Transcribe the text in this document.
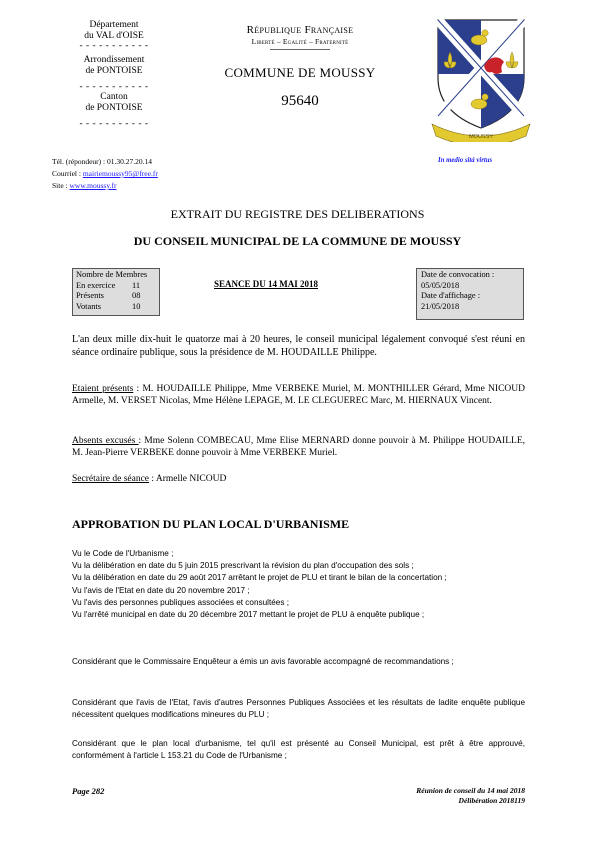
Département
du VAL d'OISE
- - - - - - - - - - -
Arrondissement
de PONTOISE
- - - - - - - - - - -
Canton
de PONTOISE
- - - - - - - - - - -
République Française
Liberté – Egalité – Fraternité
COMMUNE DE MOUSSY
95640
MOUSSY
Tél. (répondeur) : 01.30.27.20.14
Courriel : mairiemoussy95@free.fr
Site : www.moussy.fr
In medio sitá virtus
EXTRAIT DU REGISTRE DES DELIBERATIONS
DU CONSEIL MUNICIPAL DE LA COMMUNE DE MOUSSY
Nombre de Membres
En exercice	11
Présents	08
Votants	10
SEANCE DU 14 MAI 2018
Date de convocation :
05/05/2018
Date d'affichage :
21/05/2018
L'an deux mille dix-huit le quatorze mai à 20 heures, le conseil municipal légalement convoqué s'est réuni en séance ordinaire publique, sous la présidence de M. HOUDAILLE Philippe.
Etaient présents : M. HOUDAILLE Philippe, Mme VERBEKE Muriel, M. MONTHILLER Gérard, Mme NICOUD Armelle, M. VERSET Nicolas, Mme Hélène LEPAGE, M. LE CLEGUEREC Marc, M. HIERNAUX Vincent.
Absents excusés : Mme Solenn COMBECAU, Mme Elise MERNARD donne pouvoir à M. Philippe HOUDAILLE, M. Jean-Pierre VERBEKE donne pouvoir à Mme VERBEKE Muriel.
Secrétaire de séance : Armelle NICOUD
APPROBATION DU PLAN LOCAL D'URBANISME
Vu le Code de l'Urbanisme ;
Vu la délibération en date du 5 juin 2015 prescrivant la révision du plan d'occupation des sols ;
Vu la délibération en date du 29 août 2017 arrêtant le projet de PLU et tirant le bilan de la concertation ;
Vu l'avis de l'Etat en date du 20 novembre 2017 ;
Vu l'avis des personnes publiques associées et consultées ;
Vu l'arrêté municipal en date du 20 décembre 2017 mettant le projet de PLU à enquête publique ;
Considérant que le Commissaire Enquêteur a émis un avis favorable accompagné de recommandations ;
Considérant que l'avis de l'Etat, l'avis d'autres Personnes Publiques Associées et les résultats de ladite enquête publique nécessitent quelques modifications mineures du PLU ;
Considérant que le plan local d'urbanisme, tel qu'il est présenté au Conseil Municipal, est prêt à être approuvé, conformément à l'article L 153.21 du Code de l'Urbanisme ;
Page 282	Réunion de conseil du 14 mai 2018
Délibération 2018119
